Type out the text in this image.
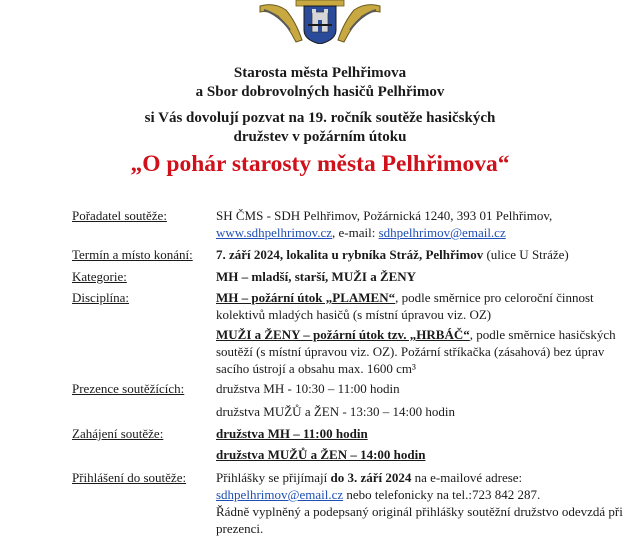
Starosta města Pelhřimova
a Sbor dobrovolných hasičů Pelhřimov
si Vás dovolují pozvat na 19. ročník soutěže hasičských
družstev v požárním útoku
„O pohár starosty města Pelhřimova“
Pořadatel soutěže:	SH ČMS - SDH Pelhřimov, Požárnická 1240, 393 01 Pelhřimov,
www.sdhpelhrimov.cz, e-mail: sdhpelhrimov@email.cz
Termín a místo konání: 7. září 2024, lokalita u rybníka Stráž, Pelhřimov (ulice U Stráže)
Kategorie:	MH – mladší, starší, MUŽI a ŽENY
Disciplína:	MH – požární útok „PLAMEN“, podle směrnice pro celoroční činnost kolektivů mladých hasičů (s místní úpravou viz. OZ)
MUŽI a ŽENY – požární útok tzv. „HRBÁČ“, podle směrnice hasičských soutěží (s místní úpravou viz. OZ). Požární stříkačka (zásahová) bez úprav sacího ústrojí a obsahu max. 1600 cm³
Prezence soutěžících: družstva MH - 10:30 – 11:00 hodin
družstva MUŽŮ a ŽEN - 13:30 – 14:00 hodin
Zahájení soutěže:	družstva MH – 11:00 hodin
družstva MUŽŮ a ŽEN – 14:00 hodin
Přihlášení do soutěže: Přihlášky se přijímají do 3. září 2024 na e-mailové adrese:
sdhpelhrimov@email.cz nebo telefonicky na tel.:723 842 287.
Řádně vyplněný a podepsaný originál přihlášky soutěžní družstvo odevzdá při prezenci.
